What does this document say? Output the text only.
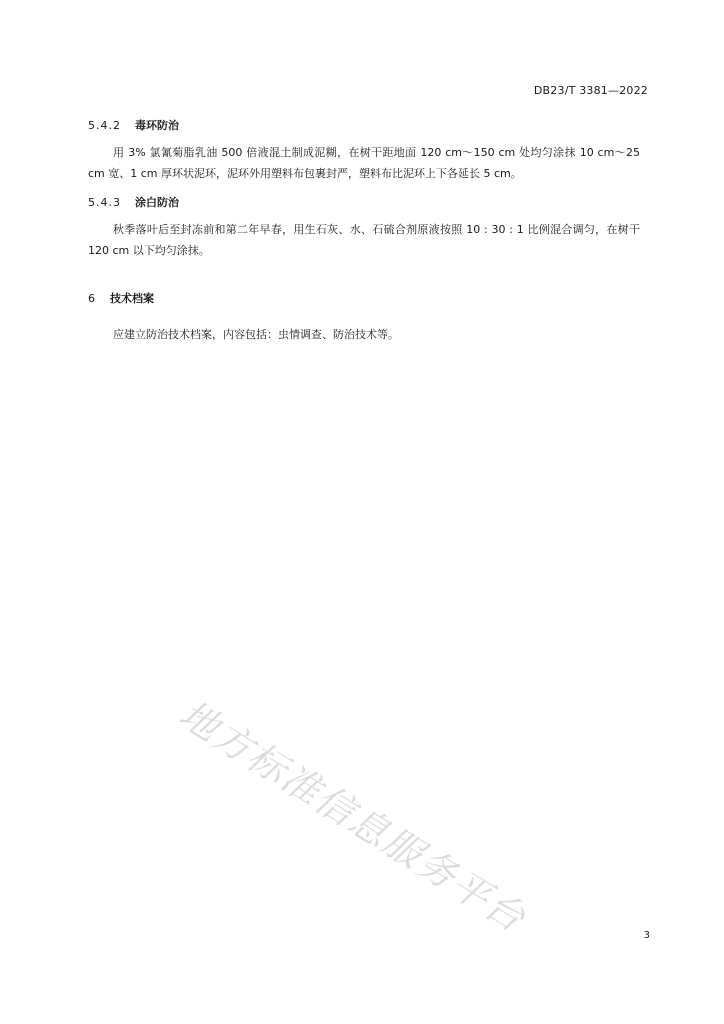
DB23/T 3381—2022
5.4.2 毒环防治
用 3% 氯氰菊脂乳油 500 倍液混土制成泥糊，在树干距地面 120 cm～150 cm 处均匀涂抹 10 cm～25 cm 宽、1 cm 厚环状泥环，泥环外用塑料布包裹封严，塑料布比泥环上下各延长 5 cm。
5.4.3 涂白防治
秋季落叶后至封冻前和第二年早春，用生石灰、水、石硫合剂原液按照 10 : 30 : 1 比例混合调匀，在树干 120 cm 以下均匀涂抹。
6 技术档案
应建立防治技术档案，内容包括：虫情调查、防治技术等。
地方标准信息服务平台	3
